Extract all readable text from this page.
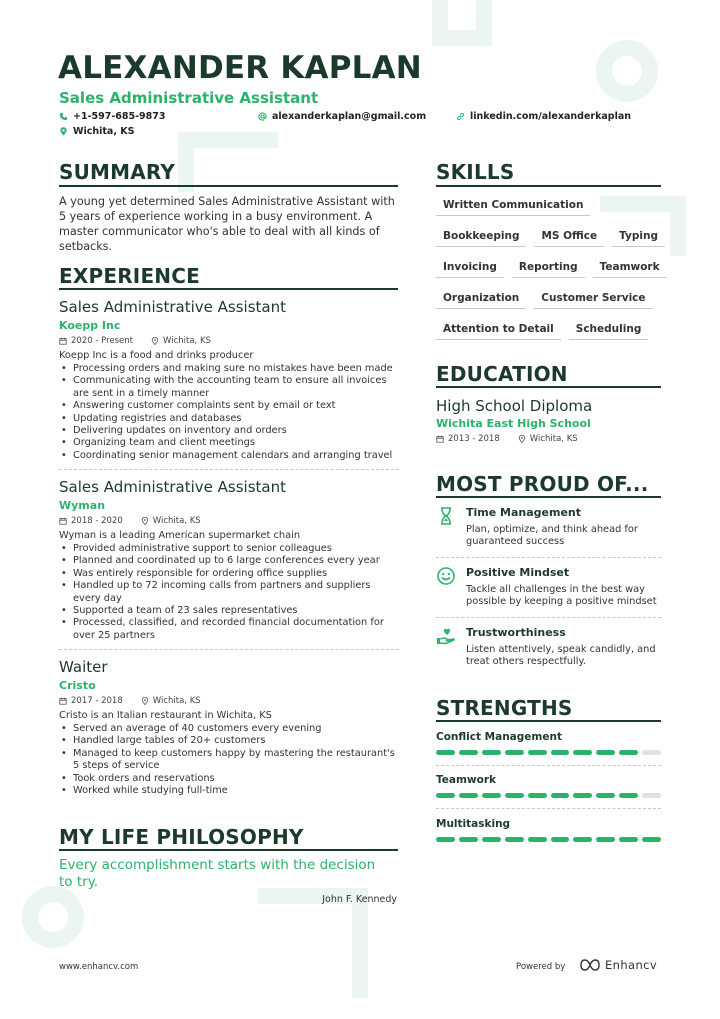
ALEXANDER KAPLAN
Sales Administrative Assistant
+1-597-685-9873	alexanderkaplan@gmail.com	linkedin.com/alexanderkaplan
Wichita, KS
SUMMARY
A young yet determined Sales Administrative Assistant with 5 years of experience working in a busy environment. A master communicator who's able to deal with all kinds of setbacks.
EXPERIENCE
Sales Administrative Assistant
Koepp Inc
2020 - Present	Wichita, KS
Koepp Inc is a food and drinks producer
• Processing orders and making sure no mistakes have been made
• Communicating with the accounting team to ensure all invoices are sent in a timely manner
• Answering customer complaints sent by email or text
• Updating registries and databases
• Delivering updates on inventory and orders
• Organizing team and client meetings
• Coordinating senior management calendars and arranging travel
Sales Administrative Assistant
Wyman
2018 - 2020	Wichita, KS
Wyman is a leading American supermarket chain
• Provided administrative support to senior colleagues
• Planned and coordinated up to 6 large conferences every year
• Was entirely responsible for ordering office supplies
• Handled up to 72 incoming calls from partners and suppliers every day
• Supported a team of 23 sales representatives
• Processed, classified, and recorded financial documentation for over 25 partners
Waiter
Cristo
2017 - 2018	Wichita, KS
Cristo is an Italian restaurant in Wichita, KS
• Served an average of 40 customers every evening
• Handled large tables of 20+ customers
• Managed to keep customers happy by mastering the restaurant's 5 steps of service
• Took orders and reservations
• Worked while studying full-time
MY LIFE PHILOSOPHY
Every accomplishment starts with the decision to try.
John F. Kennedy
SKILLS
Written Communication
Bookkeeping	MS Office	Typing
Invoicing	Reporting	Teamwork
Organization	Customer Service
Attention to Detail	Scheduling
EDUCATION
High School Diploma
Wichita East High School
2013 - 2018	Wichita, KS
MOST PROUD OF...
Time Management
Plan, optimize, and think ahead for guaranteed success
Positive Mindset
Tackle all challenges in the best way possible by keeping a positive mindset
Trustworthiness
Listen attentively, speak candidly, and treat others respectfully.
STRENGTHS
Conflict Management
Teamwork
Multitasking
www.enhancv.com	Powered by	Enhancv
